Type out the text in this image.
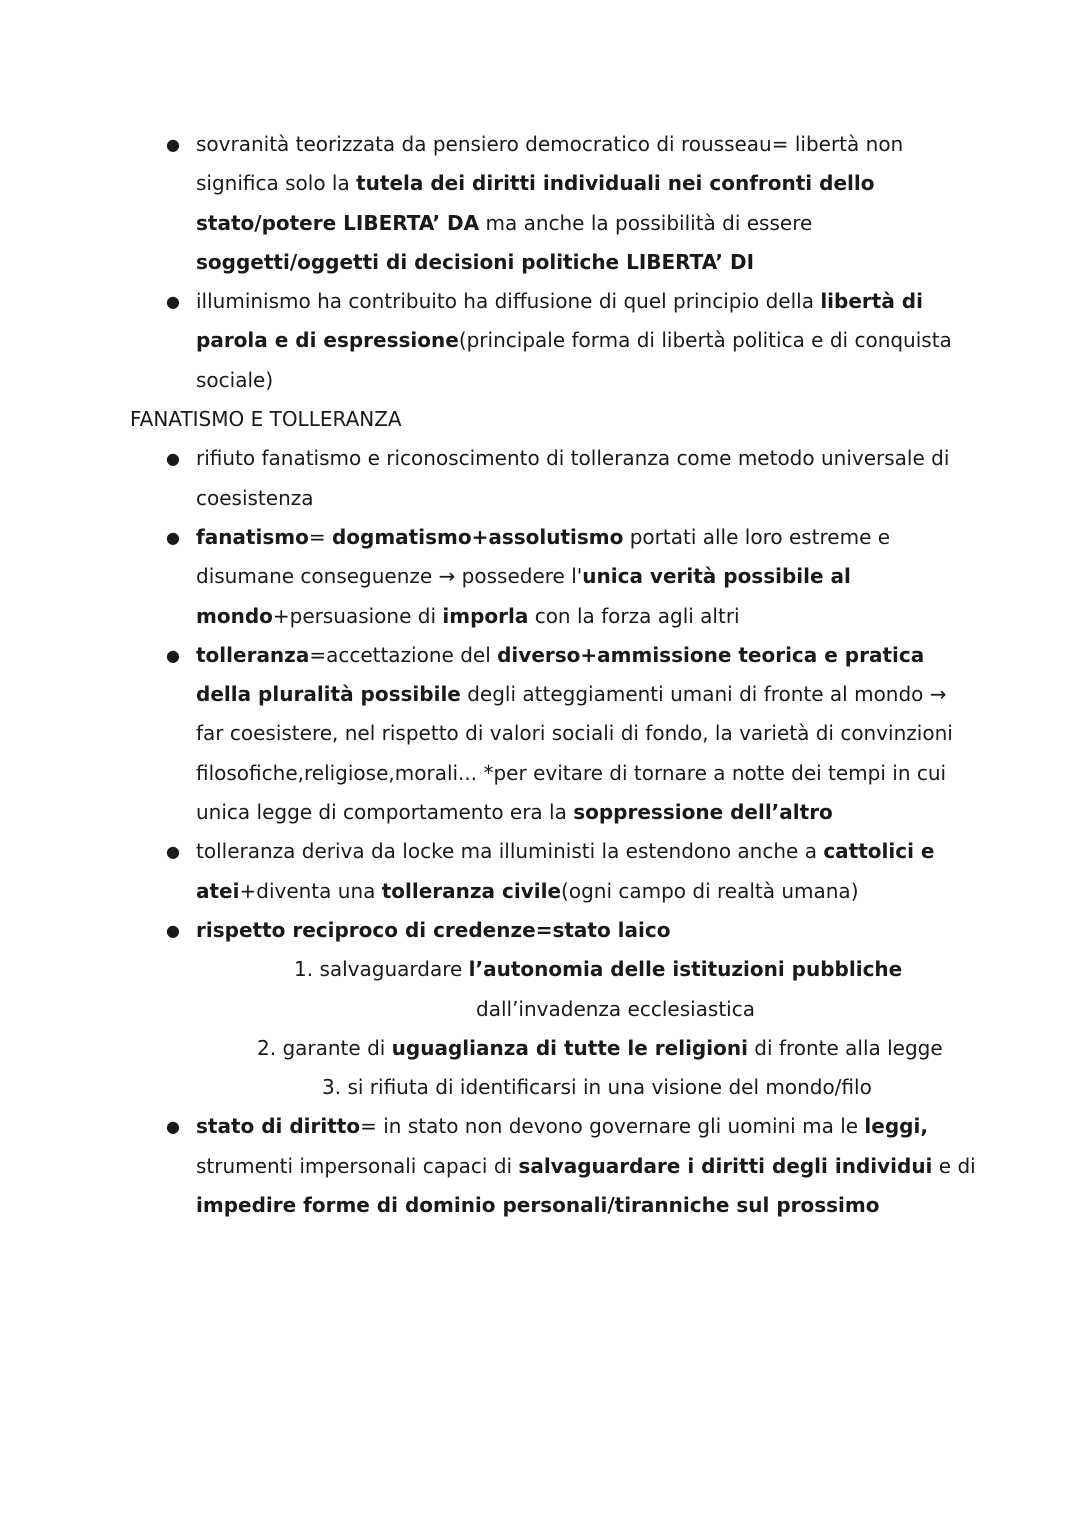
● sovranità teorizzata da pensiero democratico di rousseau= libertà non
significa solo la tutela dei diritti individuali nei confronti dello
stato/potere LIBERTA’ DA ma anche la possibilità di essere
soggetti/oggetti di decisioni politiche LIBERTA’ DI
● illuminismo ha contribuito ha diffusione di quel principio della libertà di
parola e di espressione(principale forma di libertà politica e di conquista
sociale)
FANATISMO E TOLLERANZA
● rifiuto fanatismo e riconoscimento di tolleranza come metodo universale di
coesistenza
● fanatismo= dogmatismo+assolutismo portati alle loro estreme e
disumane conseguenze → possedere l'unica verità possibile al
mondo+persuasione di imporla con la forza agli altri
● tolleranza=accettazione del diverso+ammissione teorica e pratica
della pluralità possibile degli atteggiamenti umani di fronte al mondo →
far coesistere, nel rispetto di valori sociali di fondo, la varietà di convinzioni
filosofiche,religiose,morali... *per evitare di tornare a notte dei tempi in cui
unica legge di comportamento era la soppressione dell’altro
● tolleranza deriva da locke ma illuministi la estendono anche a cattolici e
atei+diventa una tolleranza civile(ogni campo di realtà umana)
● rispetto reciproco di credenze=stato laico
1. salvaguardare l’autonomia delle istituzioni pubbliche
dall’invadenza ecclesiastica
2. garante di uguaglianza di tutte le religioni di fronte alla legge
3. si rifiuta di identificarsi in una visione del mondo/filo
● stato di diritto= in stato non devono governare gli uomini ma le leggi,
strumenti impersonali capaci di salvaguardare i diritti degli individui e di
impedire forme di dominio personali/tiranniche sul prossimo
